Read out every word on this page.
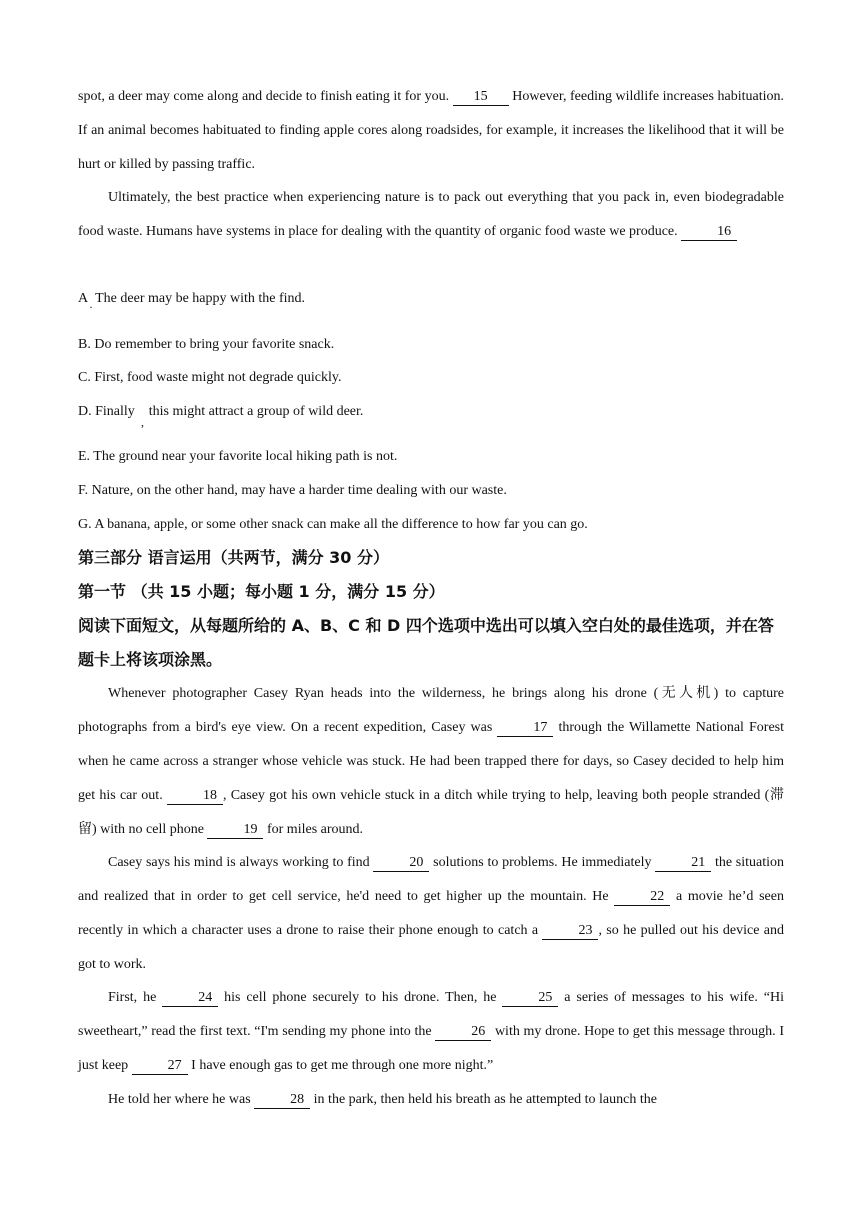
spot, a deer may come along and decide to finish eating it for you. 15 However, feeding wildlife increases habituation. If an animal becomes habituated to finding apple cores along roadsides, for example, it increases the likelihood that it will be hurt or killed by passing traffic.

Ultimately, the best practice when experiencing nature is to pack out everything that you pack in, even biodegradable food waste. Humans have systems in place for dealing with the quantity of organic food waste we produce.	16

A The deer may be happy with the find.

·

B. Do remember to bring your favorite snack.

C. First, food waste might not degrade quickly.

D. Finally this might attract a group of wild deer.

,

E. The ground near your favorite local hiking path is not.

F. Nature, on the other hand, may have a harder time dealing with our waste.

G. A banana, apple, or some other snack can make all the difference to how far you can go.

第三部分 语言运用（共两节，满分 30 分）

第一节 （共 15 小题；每小题 1 分，满分 15 分）

阅读下面短文，从每题所给的 A、B、C 和 D 四个选项中选出可以填入空白处的最佳选项，并在答题卡上将该项涂黑。

Whenever photographer Casey Ryan heads into the wilderness, he brings along his drone (无人机) to capture photographs from a bird's eye view. On a recent expedition, Casey was	17 through the Willamette National Forest when he came across a stranger whose vehicle was stuck. He had been trapped there for days, so Casey decided to help him get his car out.	18 , Casey got his own vehicle stuck in a ditch while trying to help, leaving both people stranded (滞留) with no cell phone	19 for miles around.

Casey says his mind is always working to find	20 solutions to problems. He immediately	21 the situation and realized that in order to get cell service, he'd need to get higher up the mountain. He	22 a movie he’d seen recently in which a character uses a drone to raise their phone enough to catch a	23 , so he pulled out his device and got to work.

First, he	24 his cell phone securely to his drone. Then, he	25 a series of messages to his wife. “Hi sweetheart,” read the first text. “I'm sending my phone into the	26 with my drone. Hope to get this message through. I just keep	27 I have enough gas to get me through one more night.”

He told her where he was	28 in the park, then held his breath as he attempted to launch the
